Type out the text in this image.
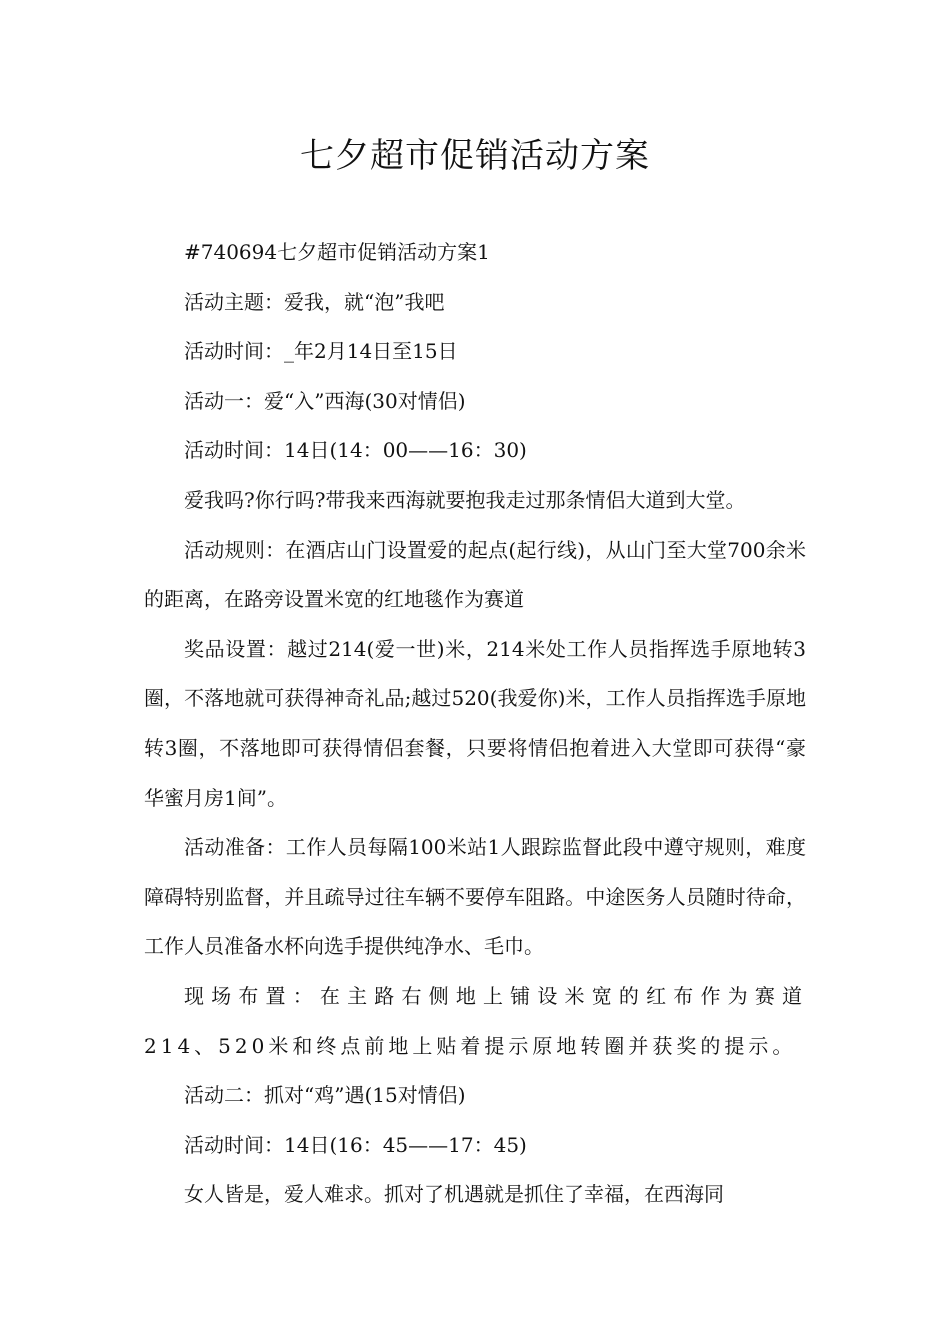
七夕超市促销活动方案

#740694七夕超市促销活动方案1

活动主题：爱我，就“泡”我吧

活动时间：_年2月14日至15日

活动一：爱“入”西海(30对情侣)

活动时间：14日(14：00——16：30)

爱我吗?你行吗?带我来西海就要抱我走过那条情侣大道到大堂。

活动规则：在酒店山门设置爱的起点(起行线)，从山门至大堂700余米的距离，在路旁设置米宽的红地毯作为赛道

奖品设置：越过214(爱一世)米，214米处工作人员指挥选手原地转3圈，不落地就可获得神奇礼品;越过520(我爱你)米，工作人员指挥选手原地转3圈，不落地即可获得情侣套餐，只要将情侣抱着进入大堂即可获得“豪华蜜月房1间”。

活动准备：工作人员每隔100米站1人跟踪监督此段中遵守规则，难度障碍特别监督，并且疏导过往车辆不要停车阻路。中途医务人员随时待命，工作人员准备水杯向选手提供纯净水、毛巾。

现场布置：在主路右侧地上铺设米宽的红布作为赛道214、520米和终点前地上贴着提示原地转圈并获奖的提示。

活动二：抓对“鸡”遇(15对情侣)

活动时间：14日(16：45——17：45)

女人皆是，爱人难求。抓对了机遇就是抓住了幸福，在西海同
